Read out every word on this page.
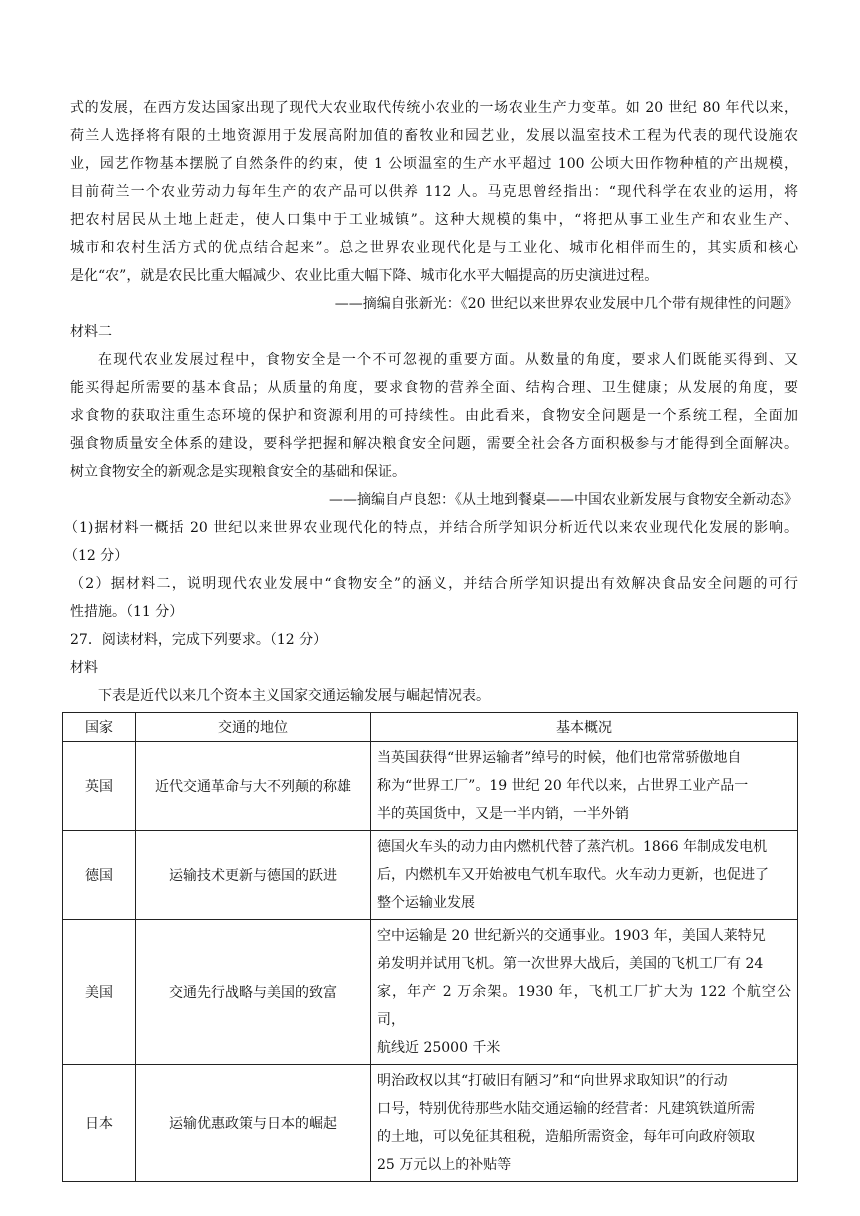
式的发展，在西方发达国家出现了现代大农业取代传统小农业的一场农业生产力变革。如 20 世纪 80 年代以来，
荷兰人选择将有限的土地资源用于发展高附加值的畜牧业和园艺业，发展以温室技术工程为代表的现代设施农
业，园艺作物基本摆脱了自然条件的约束，使 1 公顷温室的生产水平超过 100 公顷大田作物种植的产出规模，
目前荷兰一个农业劳动力每年生产的农产品可以供养 112 人。马克思曾经指出：“现代科学在农业的运用，将
把农村居民从土地上赶走，使人口集中于工业城镇”。这种大规模的集中，“将把从事工业生产和农业生产、
城市和农村生活方式的优点结合起来”。总之世界农业现代化是与工业化、城市化相伴而生的，其实质和核心
是化“农”，就是农民比重大幅减少、农业比重大幅下降、城市化水平大幅提高的历史演进过程。
——摘编自张新光：《20 世纪以来世界农业发展中几个带有规律性的问题》
材料二
在现代农业发展过程中，食物安全是一个不可忽视的重要方面。从数量的角度，要求人们既能买得到、又
能买得起所需要的基本食品；从质量的角度，要求食物的营养全面、结构合理、卫生健康；从发展的角度，要
求食物的获取注重生态环境的保护和资源利用的可持续性。由此看来，食物安全问题是一个系统工程，全面加
强食物质量安全体系的建设，要科学把握和解决粮食安全问题，需要全社会各方面积极参与才能得到全面解决。
树立食物安全的新观念是实现粮食安全的基础和保证。
——摘编自卢良恕：《从土地到餐桌——中国农业新发展与食物安全新动态》
（1)据材料一概括 20 世纪以来世界农业现代化的特点，并结合所学知识分析近代以来农业现代化发展的影响。
（12 分）
（2）据材料二，说明现代农业发展中“食物安全”的涵义，并结合所学知识提出有效解决食品安全问题的可行
性措施。（11 分）
27．阅读材料，完成下列要求。（12 分）
材料
下表是近代以来几个资本主义国家交通运输发展与崛起情况表。
国家	交通的地位	基本概况
英国	近代交通革命与大不列颠的称雄	当英国获得“世界运输者”绰号的时候，他们也常常骄傲地自
称为“世界工厂”。19 世纪 20 年代以来，占世界工业产品一
半的英国货中，又是一半内销，一半外销

德国	运输技术更新与德国的跃进	德国火车头的动力由内燃机代替了蒸汽机。1866 年制成发电机
后，内燃机车又开始被电气机车取代。火车动力更新，也促进了
整个运输业发展

美国	交通先行战略与美国的致富	空中运输是 20 世纪新兴的交通事业。1903 年，美国人莱特兄
弟发明并试用飞机。第一次世界大战后，美国的飞机工厂有 24
家，年产 2 万余架。1930 年，飞机工厂扩大为 122 个航空公司，
航线近 25000 千米

日本	运输优惠政策与日本的崛起	明治政权以其“打破旧有陋习”和“向世界求取知识”的行动
口号，特别优待那些水陆交通运输的经营者：凡建筑铁道所需
的土地，可以免征其租税，造船所需资金，每年可向政府领取
25 万元以上的补贴等
